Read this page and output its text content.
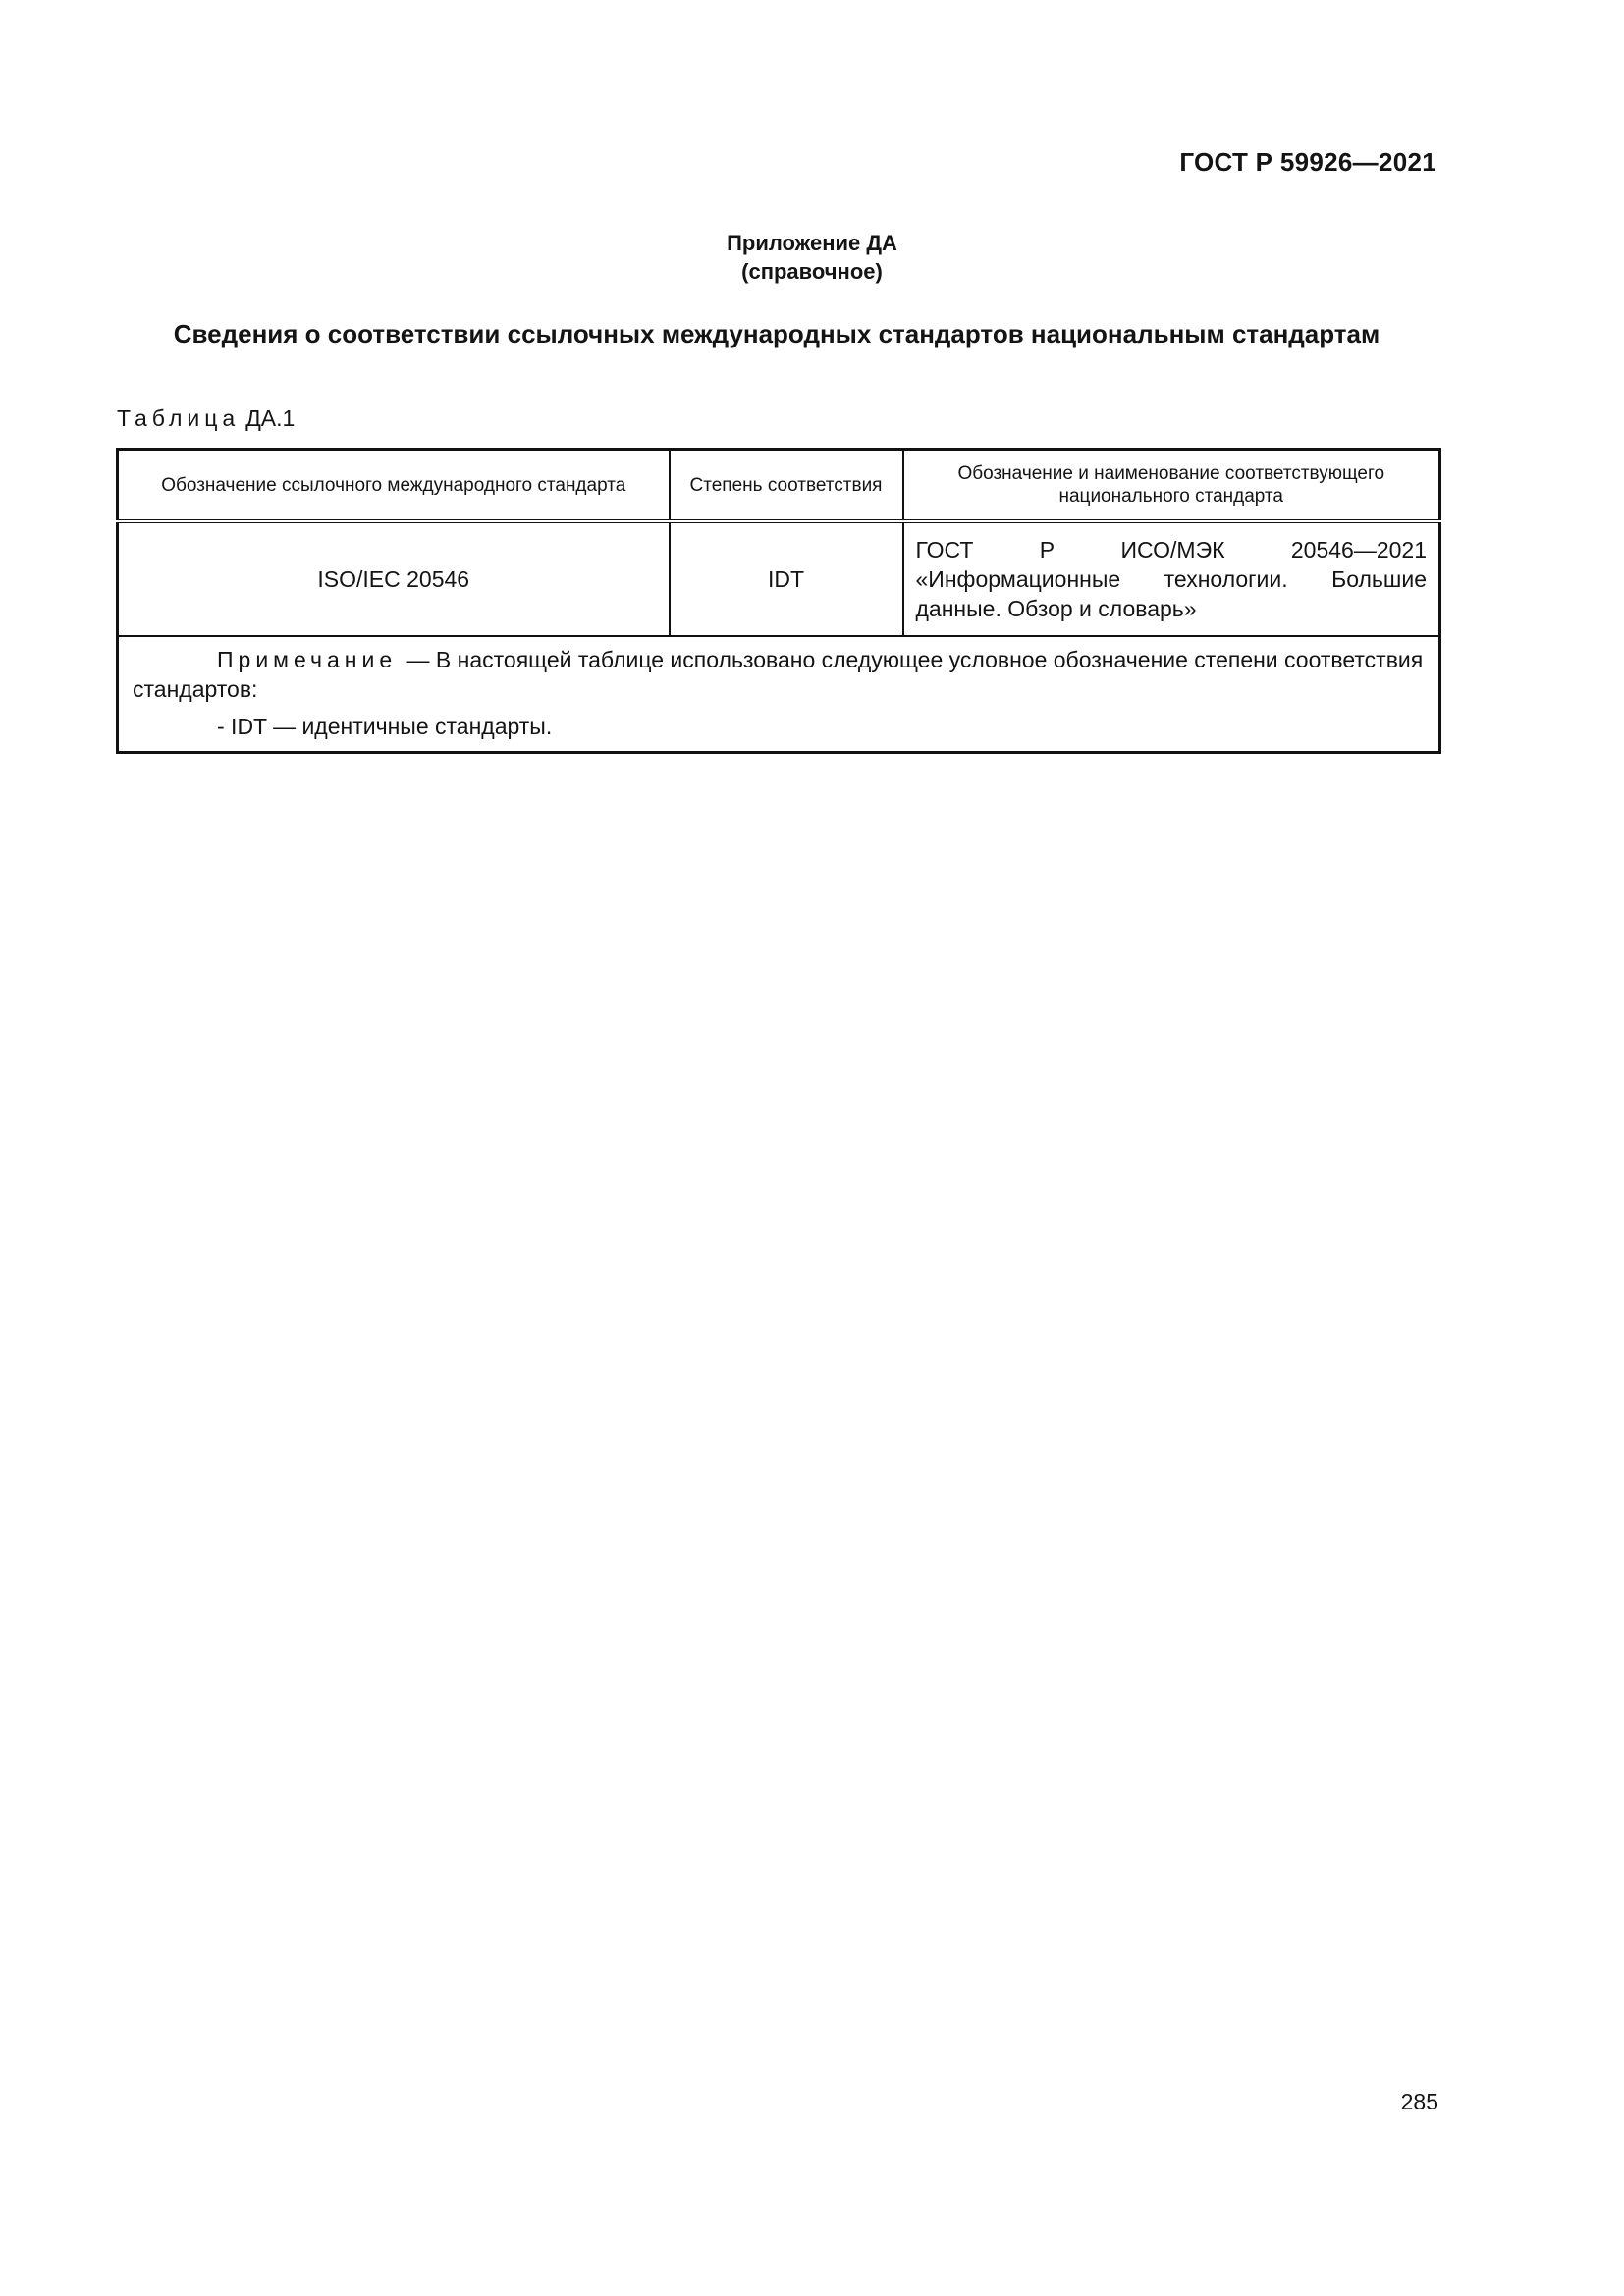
ГОСТ Р 59926—2021
Приложение ДА
(справочное)
Сведения о соответствии ссылочных международных стандартов национальным стандартам
Таблица ДА.1
Обозначение ссылочного международного стандарта	Степень соответствия	Обозначение и наименование соответствующего национального стандарта
ISO/IEC 20546	IDT	ГОСТ Р ИСО/МЭК 20546—2021 «Информационные технологии. Большие данные. Обзор и словарь»

Примечание — В настоящей таблице использовано следующее условное обозначение степени соответствия стандартов:

- IDT — идентичные стандарты.		

285
